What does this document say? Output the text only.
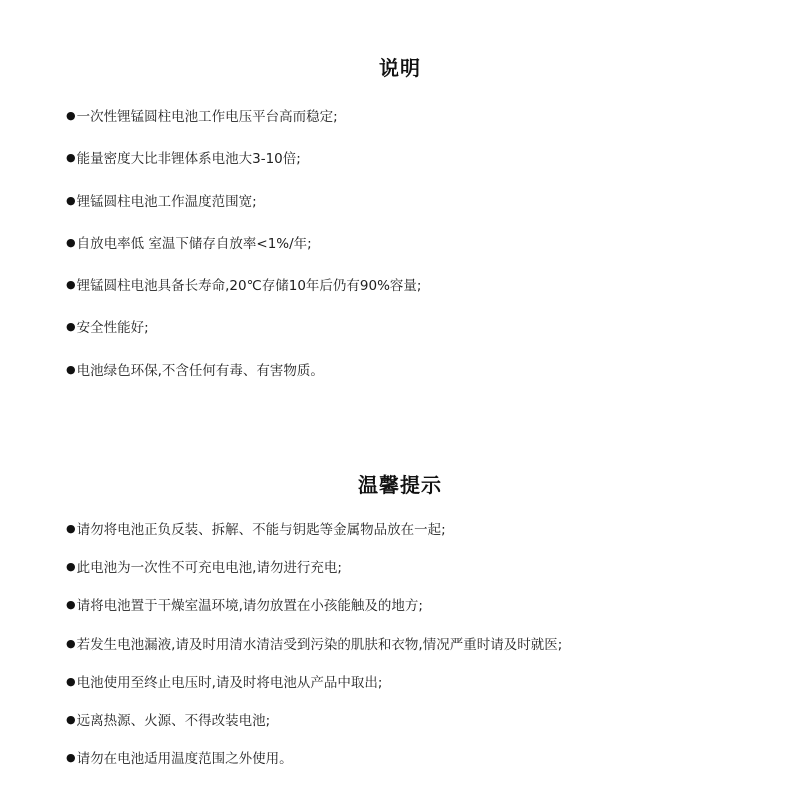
说明
● 一次性锂锰圆柱电池工作电压平台高而稳定;
● 能量密度大比非锂体系电池大3-10倍;
● 锂锰圆柱电池工作温度范围宽;
● 自放电率低 室温下储存自放率<1%/年;
● 锂锰圆柱电池具备长寿命,20℃存储10年后仍有90%容量;
● 安全性能好;
● 电池绿色环保,不含任何有毒、有害物质。
温馨提示
● 请勿将电池正负反装、拆解、不能与钥匙等金属物品放在一起;
● 此电池为一次性不可充电电池,请勿进行充电;
● 请将电池置于干燥室温环境,请勿放置在小孩能触及的地方;
● 若发生电池漏液,请及时用清水清洁受到污染的肌肤和衣物,情况严重时请及时就医;
● 电池使用至终止电压时,请及时将电池从产品中取出;
● 远离热源、火源、不得改装电池;
● 请勿在电池适用温度范围之外使用。
